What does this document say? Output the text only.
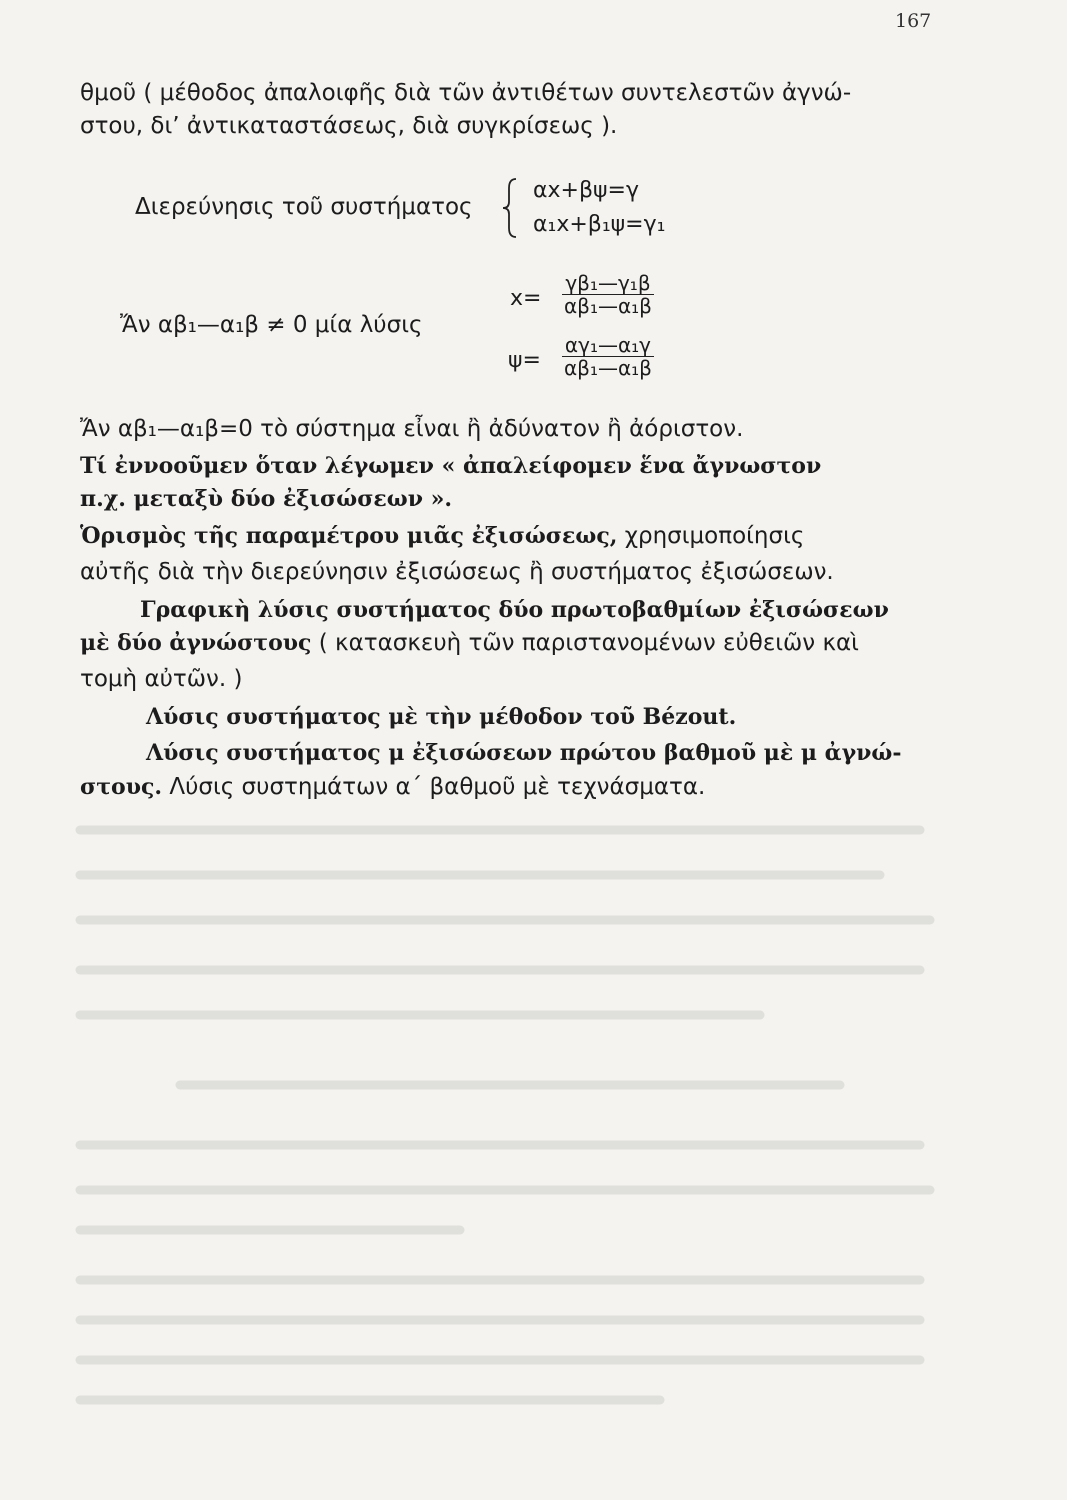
167
θμοῦ ( μέθοδος ἀπαλοιφῆς διὰ τῶν ἀντιθέτων συντελεστῶν ἀγνώ-
στου, δι’ ἀντικαταστάσεως, διὰ συγκρίσεως ).
Διερεύνησις τοῦ συστήματος
αx+βψ=γ
α₁x+β₁ψ=γ₁
Ἄν αβ₁—α₁β ≠ 0 μία λύσις
$x= \frac{\text{γβ₁—γ₁β}}{\text{αβ₁—α₁β}}$
$\psi= \frac{\text{αγ₁—α₁γ}}{\text{αβ₁—α₁β}}$
Ἄν αβ₁—α₁β=0 τὸ σύστημα εἶναι ἢ ἀδύνατον ἢ ἀόριστον.
Τί ἐννοοῦμεν ὅταν λέγωμεν « ἀπαλείφομεν ἕνα ἄγνωστον
π.χ. μεταξὺ δύο ἐξισώσεων ».
Ὁρισμὸς τῆς παραμέτρου μιᾶς ἐξισώσεως, χρησιμοποίησις
αὐτῆς διὰ τὴν διερεύνησιν ἐξισώσεως ἢ συστήματος ἐξισώσεων.
Γραφικὴ λύσις συστήματος δύο πρωτοβαθμίων ἐξισώσεων
μὲ δύο ἀγνώστους ( κατασκευὴ τῶν παριστανομένων εὐθειῶν καὶ
τομὴ αὐτῶν. )
Λύσις συστήματος μὲ τὴν μέθοδον τοῦ Bézout.
Λύσις συστήματος μ ἐξισώσεων πρώτου βαθμοῦ μὲ μ ἀγνώ-
στους. Λύσις συστημάτων α΄ βαθμοῦ μὲ τεχνάσματα.
